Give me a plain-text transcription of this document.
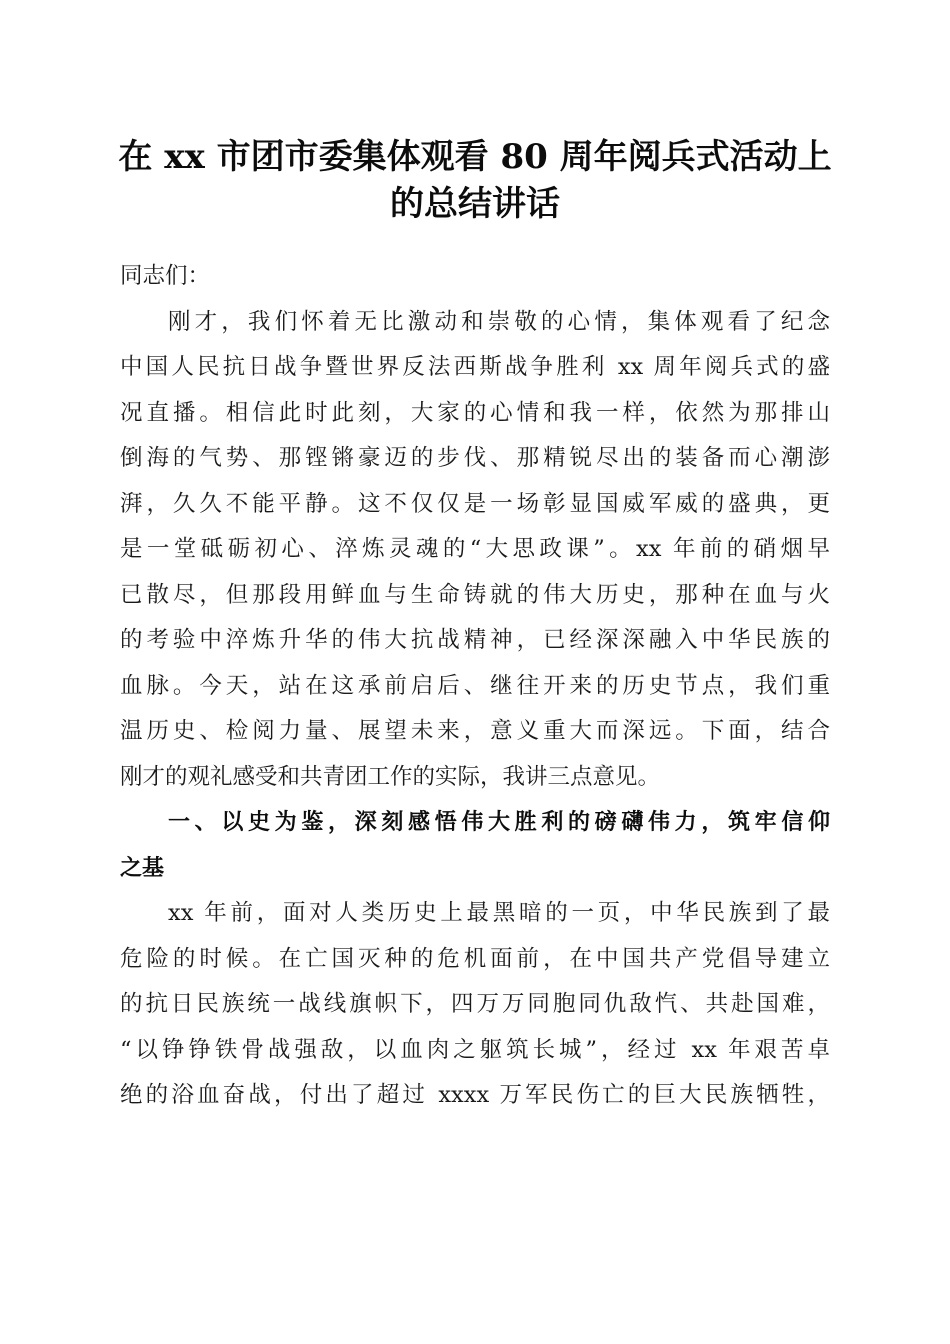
在 xx 市团市委集体观看 80 周年阅兵式活动上
的总结讲话
同志们：
刚才，我们怀着无比激动和崇敬的心情，集体观看了纪念
中国人民抗日战争暨世界反法西斯战争胜利 xx 周年阅兵式的盛
况直播。相信此时此刻，大家的心情和我一样，依然为那排山
倒海的气势、那铿锵豪迈的步伐、那精锐尽出的装备而心潮澎
湃，久久不能平静。这不仅仅是一场彰显国威军威的盛典，更
是一堂砥砺初心、淬炼灵魂的“大思政课”。xx 年前的硝烟早
已散尽，但那段用鲜血与生命铸就的伟大历史，那种在血与火
的考验中淬炼升华的伟大抗战精神，已经深深融入中华民族的
血脉。今天，站在这承前启后、继往开来的历史节点，我们重
温历史、检阅力量、展望未来，意义重大而深远。下面，结合
刚才的观礼感受和共青团工作的实际，我讲三点意见。
一、以史为鉴，深刻感悟伟大胜利的磅礴伟力，筑牢信仰
之基
xx 年前，面对人类历史上最黑暗的一页，中华民族到了最
危险的时候。在亡国灭种的危机面前，在中国共产党倡导建立
的抗日民族统一战线旗帜下，四万万同胞同仇敌忾、共赴国难，
“以铮铮铁骨战强敌，以血肉之躯筑长城”，经过 xx 年艰苦卓
绝的浴血奋战，付出了超过 xxxx 万军民伤亡的巨大民族牺牲，
